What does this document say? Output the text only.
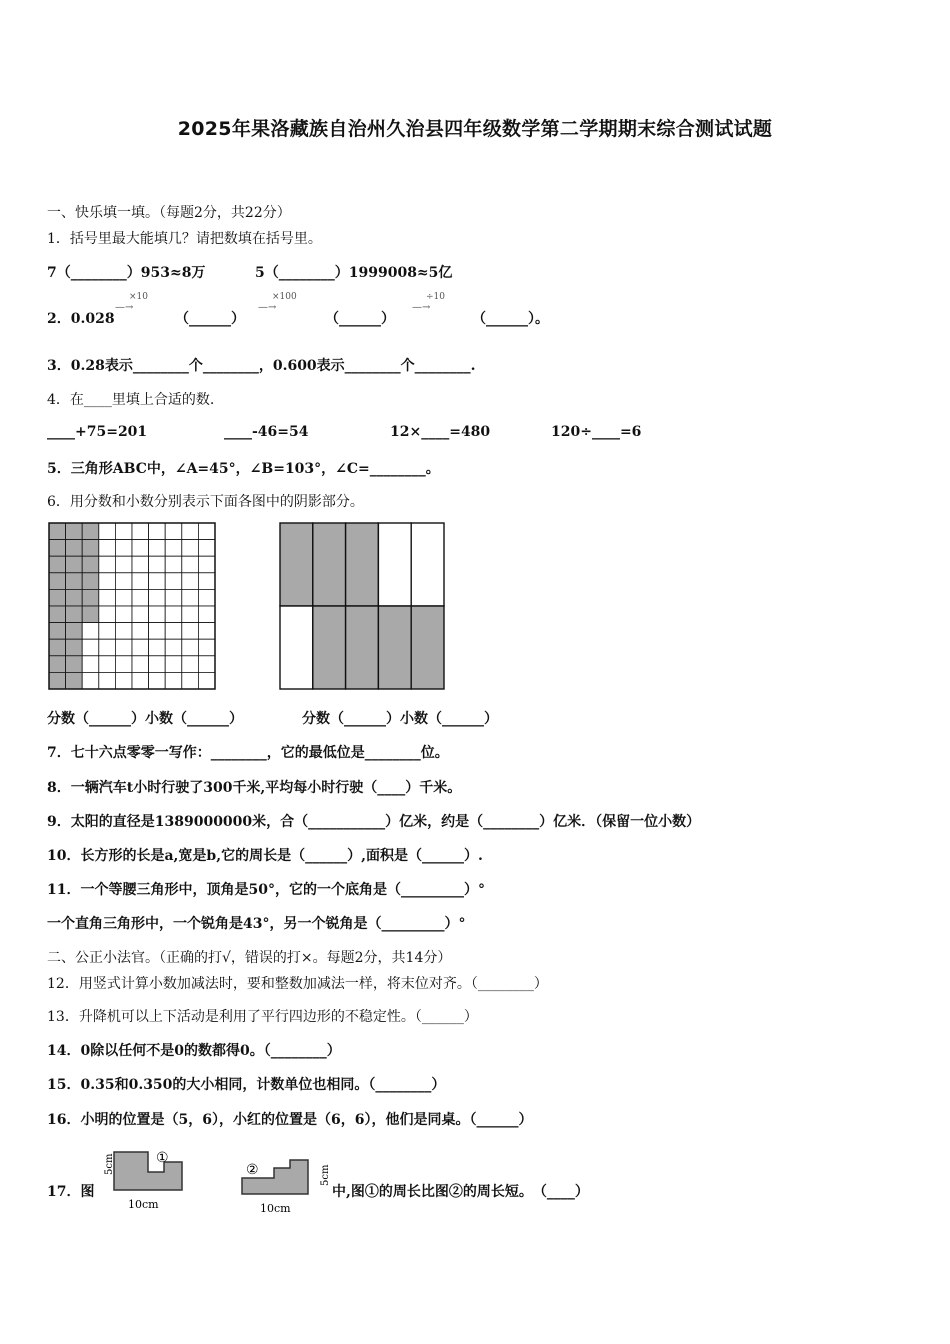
2025年果洛藏族自治州久治县四年级数学第二学期期末综合测试试题
一、快乐填一填。（每题2分，共22分）
1．括号里最大能填几？请把数填在括号里。
7（________）953≈8万	5（________）1999008≈5亿
2．0.028
—
×10
→
（______）
—
×100
→
（______）
—
÷10
→
（______）。
3．0.28表示________个________，0.600表示________个________.
4．在____里填上合适的数.
____+75=201	____-46=54	12×____=480	120÷____=6
5．三角形ABC中，∠A=45°，∠B=103°，∠C=________。
6．用分数和小数分别表示下面各图中的阴影部分。
分数（______）小数（______）	分数（______）小数（______）
7．七十六点零零一写作：________，它的最低位是________位。
8．一辆汽车t小时行驶了300千米,平均每小时行驶（____）千米。
9．太阳的直径是1389000000米，合（___________）亿米，约是（________）亿米．（保留一位小数）
10．长方形的长是a,宽是b,它的周长是（______）,面积是（______）.
11．一个等腰三角形中，顶角是50°，它的一个底角是（_________）°
一个直角三角形中，一个锐角是43°，另一个锐角是（_________）°
二、公正小法官。（正确的打√，错误的打×。每题2分，共14分）
12．用竖式计算小数加减法时，要和整数加减法一样，将末位对齐。（________）
13．升降机可以上下活动是利用了平行四边形的不稳定性。（______）
14．0除以任何不是0的数都得0。（________）
15．0.35和0.350的大小相同，计数单位也相同。（________）
16．小明的位置是（5，6），小红的位置是（6，6），他们是同桌。（______）
17．图
5cm	①
10cm
②	5cm
10cm
中,图①的周长比图②的周长短。　（____）
